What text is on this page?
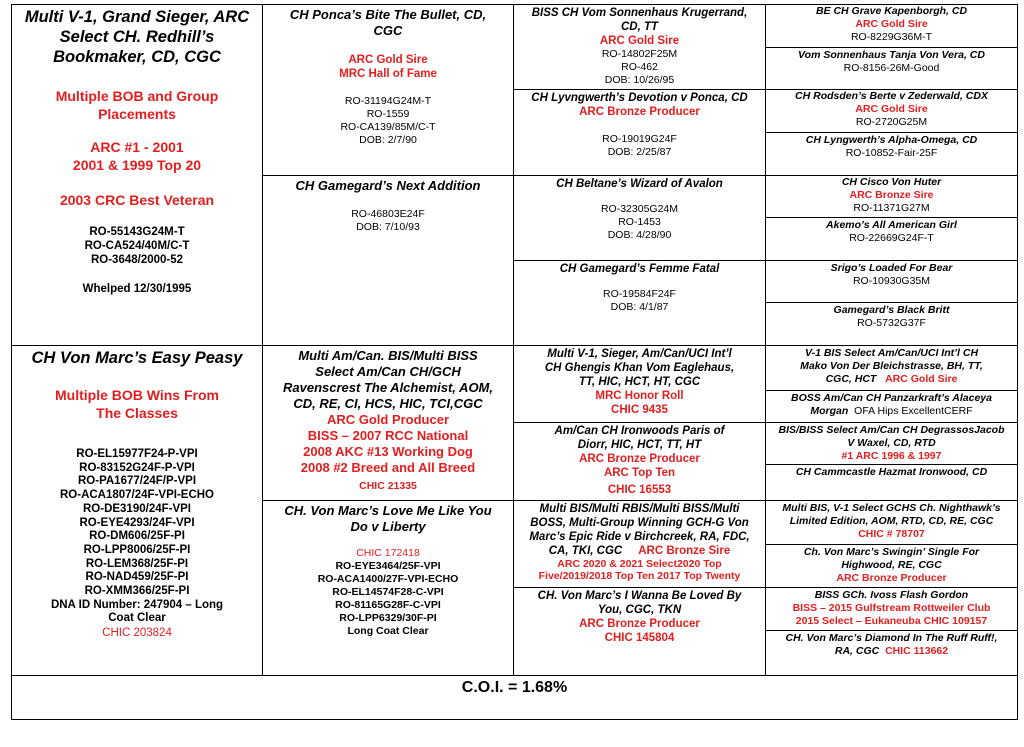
Multi V-1, Grand Sieger, ARC
Select CH. Redhill’s
Bookmaker, CD, CGC
Multiple BOB and Group
Placements
ARC #1 - 2001
2001 & 1999 Top 20
2003 CRC Best Veteran
RO-55143G24M-T
RO-CA524/40M/C-T
RO-3648/2000-52
Whelped 12/30/1995
CH Von Marc’s Easy Peasy
Multiple BOB Wins From
The Classes
RO-EL15977F24-P-VPI
RO-83152G24F-P-VPI
RO-PA1677/24F/P-VPI
RO-ACA1807/24F-VPI-ECHO
RO-DE3190/24F-VPI
RO-EYE4293/24F-VPI
RO-DM606/25F-PI
RO-LPP8006/25F-PI
RO-LEM368/25F-PI
RO-NAD459/25F-PI
RO-XMM366/25F-PI
DNA ID Number: 247904 – Long
Coat Clear
CHIC 203824
CH Ponca’s Bite The Bullet, CD,
CGC
ARC Gold Sire
MRC Hall of Fame
RO-31194G24M-T
RO-1559
RO-CA139/85M/C-T
DOB: 2/7/90
CH Gamegard’s Next Addition
RO-46803E24F
DOB: 7/10/93
Multi Am/Can. BIS/Multi BISS
Select Am/Can CH/GCH
Ravenscrest The Alchemist, AOM,
CD, RE, CI, HCS, HIC, TCI,CGC
ARC Gold Producer
BISS – 2007 RCC National
2008 AKC #13 Working Dog
2008 #2 Breed and All Breed
CHIC 21335
CH. Von Marc’s Love Me Like You
Do v Liberty
CHIC 172418
RO-EYE3464/25F-VPI
RO-ACA1400/27F-VPI-ECHO
RO-EL14574F28-C-VPI
RO-81165G28F-C-VPI
RO-LPP6329/30F-PI
Long Coat Clear
BISS CH Vom Sonnenhaus Krugerrand,
CD, TT
ARC Gold Sire
RO-14802F25M
RO-462
DOB: 10/26/95
CH Lyvngwerth’s Devotion v Ponca, CD
ARC Bronze Producer
RO-19019G24F
DOB: 2/25/87
CH Beltane’s Wizard of Avalon
RO-32305G24M
RO-1453
DOB: 4/28/90
CH Gamegard’s Femme Fatal
RO-19584F24F
DOB: 4/1/87
Multi V-1, Sieger, Am/Can/UCI Int’l
CH Ghengis Khan Vom Eaglehaus,
TT, HIC, HCT, HT, CGC
MRC Honor Roll
CHIC 9435
Am/Can CH Ironwoods Paris of
Diorr, HIC, HCT, TT, HT
ARC Bronze Producer
ARC Top Ten
CHIC 16553
Multi BIS/Multi RBIS/Multi BISS/Multi
BOSS, Multi-Group Winning GCH-G Von
Marc’s Epic Ride v Birchcreek, RA, FDC,
CA, TKI, CGC ARC Bronze Sire
ARC 2020 & 2021 Select2020 Top
Five/2019/2018 Top Ten 2017 Top Twenty
CH. Von Marc’s I Wanna Be Loved By
You, CGC, TKN
ARC Bronze Producer
CHIC 145804
BE CH Grave Kapenborgh, CD
ARC Gold Sire
RO-8229G36M-T
Vom Sonnenhaus Tanja Von Vera, CD
RO-8156-26M-Good
CH Rodsden’s Berte v Zederwald, CDX
ARC Gold Sire
RO-2720G25M
CH Lyngwerth’s Alpha-Omega, CD
RO-10852-Fair-25F
CH Cisco Von Huter
ARC Bronze Sire
RO-11371G27M
Akemo’s All American Girl
RO-22669G24F-T
Srigo’s Loaded For Bear
RO-10930G35M
Gamegard’s Black Britt
RO-5732G37F
V-1 BIS Select Am/Can/UCI Int’l CH
Mako Von Der Bleichstrasse, BH, TT,
CGC, HCT ARC Gold Sire
BOSS Am/Can CH Panzarkraft’s Alaceya
Morgan OFA Hips ExcellentCERF
BIS/BISS Select Am/Can CH DegrassosJacob
V Waxel, CD, RTD
#1 ARC 1996 & 1997
CH Cammcastle Hazmat Ironwood, CD
Multi BIS, V-1 Select GCHS Ch. Nighthawk’s
Limited Edition, AOM, RTD, CD, RE, CGC
CHIC # 78707
Ch. Von Marc’s Swingin’ Single For
Highwood, RE, CGC
ARC Bronze Producer
BISS GCh. Ivoss Flash Gordon
BISS – 2015 Gulfstream Rottweiler Club
2015 Select – Eukaneuba CHIC 109157
CH. Von Marc’s Diamond In The Ruff Ruff!,
RA, CGC CHIC 113662
C.O.I. = 1.68%
